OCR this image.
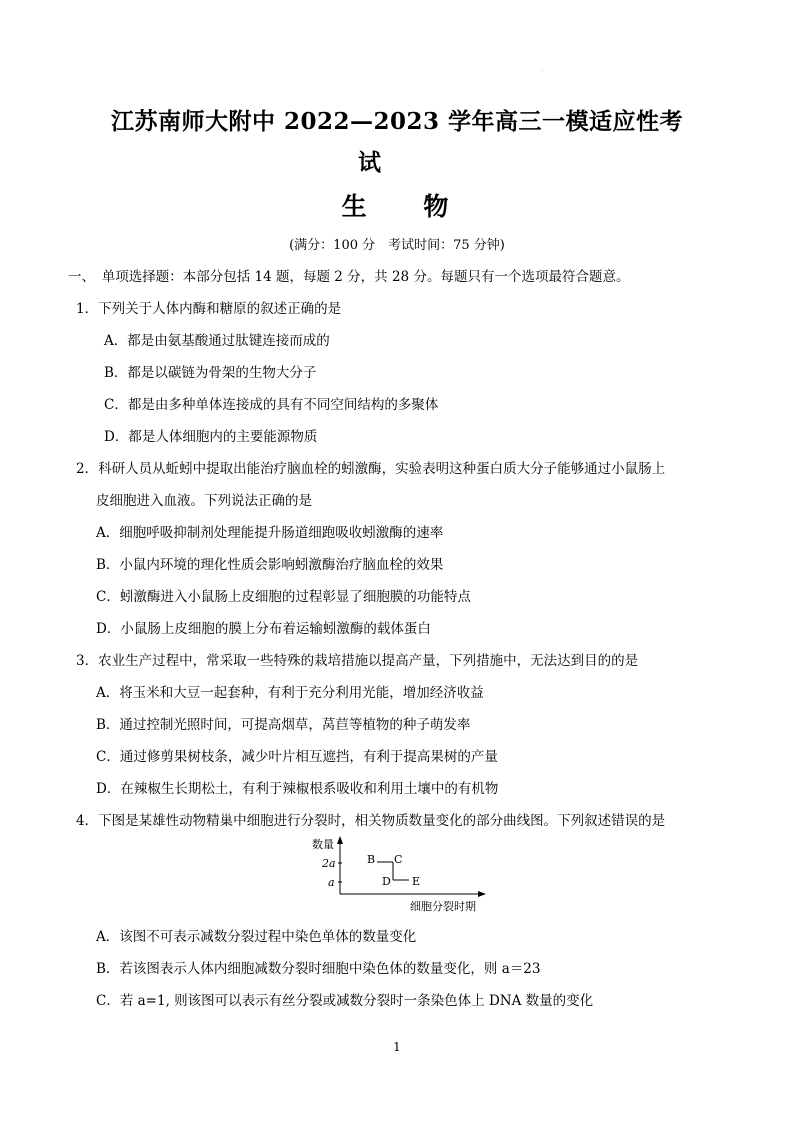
.
江苏南师大附中 2022—2023 学年高三一模适应性考
试
生 物
(满分：100 分　考试时间：75 分钟)
一、　单项选择题：本部分包括 14 题，每题 2 分，共 28 分。每题只有一个选项最符合题意。
1．下列关于人体内酶和糖原的叙述正确的是
A．都是由氨基酸通过肽键连接而成的
B．都是以碳链为骨架的生物大分子
C．都是由多种单体连接成的具有不同空间结构的多聚体
D．都是人体细胞内的主要能源物质
2．科研人员从蚯蚓中提取出能治疗脑血栓的蚓激酶，实验表明这种蛋白质大分子能够通过小鼠肠上
皮细胞进入血液。下列说法正确的是
A．细胞呼吸抑制剂处理能提升肠道细跑吸收蚓激酶的速率
B．小鼠内环境的理化性质会影响蚓激酶治疗脑血栓的效果
C．蚓激酶进入小鼠肠上皮细胞的过程彰显了细胞膜的功能特点
D．小鼠肠上皮细胞的膜上分布着运输蚓激酶的载体蛋白
3．农业生产过程中，常采取一些特殊的栽培措施以提高产量，下列措施中，无法达到目的的是
A．将玉米和大豆一起套种，有利于充分利用光能，增加经济收益
B．通过控制光照时间，可提高烟草，莴苣等植物的种子萌发率
C．通过修剪果树枝条，减少叶片相互遮挡，有利于提高果树的产量
D．在辣椒生长期松土，有利于辣椒根系吸收和利用土壤中的有机物
4．下图是某雄性动物精巢中细胞进行分裂时，相关物质数量变化的部分曲线图。下列叙述错误的是
数量
细胞分裂时期
2a
a
B C
D E
A．该图不可表示减数分裂过程中染色单体的数量变化
B．若该图表示人体内细胞减数分裂时细胞中染色体的数量变化，则 a＝23
C．若 a=1, 则该图可以表示有丝分裂或减数分裂时一条染色体上 DNA 数量的变化
1
